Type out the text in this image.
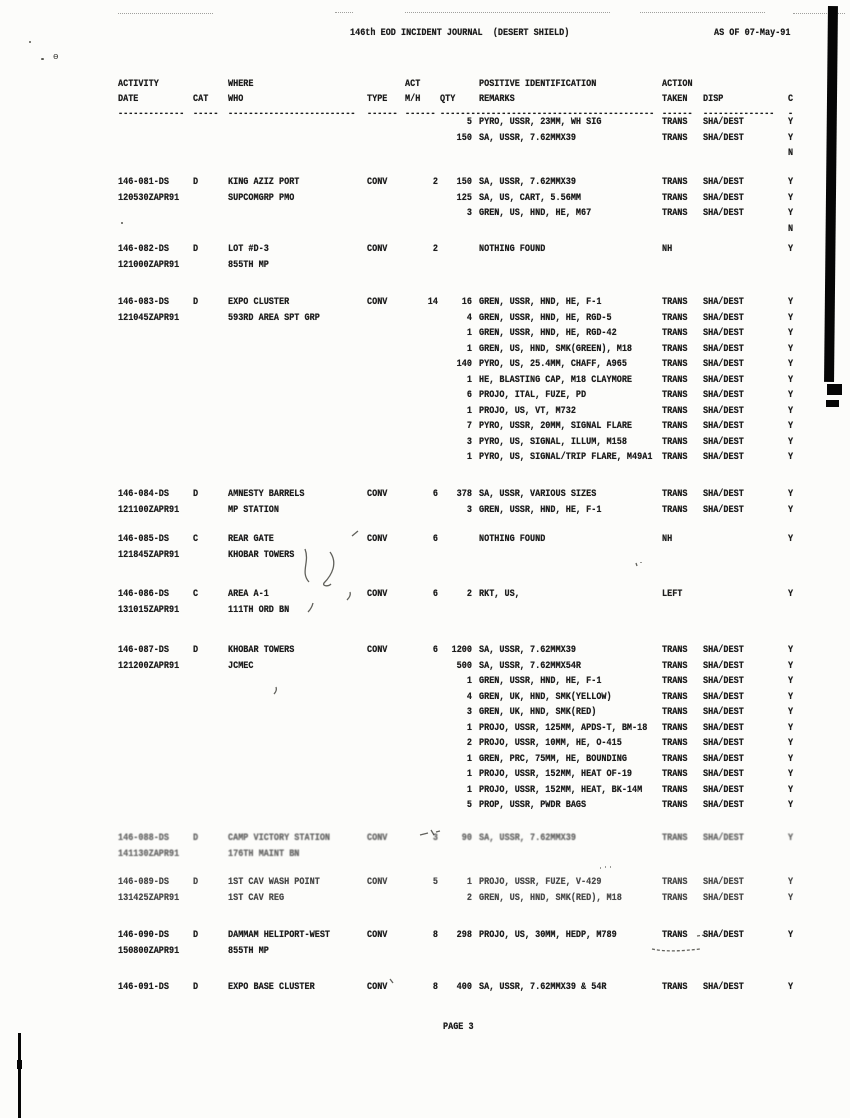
ө
146th EOD INCIDENT JOURNAL  (DESERT SHIELD)	AS OF 07-May-91
ACTIVITY	WHERE	ACT	POSITIVE IDENTIFICATION	ACTION
DATE	CAT WHO	TYPE M/H QTY REMARKS	TAKEN DISP	C
------------- ----- ------------------------- ------ ------ ------------------------------------------ ------ -------------- -
5 PYRO, USSR, 23MM, WH SIG	TRANS SHA/DEST	Y
150 SA, USSR, 7.62MMX39	TRANS SHA/DEST	Y
N
146-081-DS D	KING AZIZ PORT	CONV	2	150 SA, USSR, 7.62MMX39	TRANS SHA/DEST	Y
120530ZAPR91	SUPCOMGRP PMO	125 SA, US, CART, 5.56MM	TRANS SHA/DEST	Y
3 GREN, US, HND, HE, M67	TRANS SHA/DEST	Y
N
146-082-DS D	LOT #D-3	CONV	2	NOTHING FOUND	NH	Y
121000ZAPR91	855TH MP
146-083-DS D	EXPO CLUSTER	CONV	14	16 GREN, USSR, HND, HE, F-1	TRANS SHA/DEST	Y
121045ZAPR91	593RD AREA SPT GRP	4 GREN, USSR, HND, HE, RGD-5	TRANS SHA/DEST	Y
1 GREN, USSR, HND, HE, RGD-42	TRANS SHA/DEST	Y
1 GREN, US, HND, SMK(GREEN), M18	TRANS SHA/DEST	Y
140 PYRO, US, 25.4MM, CHAFF, A965	TRANS SHA/DEST	Y
1 HE, BLASTING CAP, M18 CLAYMORE	TRANS SHA/DEST	Y
6 PROJO, ITAL, FUZE, PD	TRANS SHA/DEST	Y
1 PROJO, US, VT, M732	TRANS SHA/DEST	Y
7 PYRO, USSR, 20MM, SIGNAL FLARE	TRANS SHA/DEST	Y
3 PYRO, US, SIGNAL, ILLUM, M158	TRANS SHA/DEST	Y
1 PYRO, US, SIGNAL/TRIP FLARE, M49A1 TRANS SHA/DEST	Y
146-084-DS D	AMNESTY BARRELS	CONV	6	378 SA, USSR, VARIOUS SIZES	TRANS SHA/DEST	Y
121100ZAPR91	MP STATION	3 GREN, USSR, HND, HE, F-1	TRANS SHA/DEST	Y
146-085-DS C	REAR GATE	CONV	6	NOTHING FOUND	NH	Y
121845ZAPR91	KHOBAR TOWERS
146-086-DS C	AREA A-1	CONV	6	2 RKT, US,	LEFT	Y
131015ZAPR91	111TH ORD BN
146-087-DS D	KHOBAR TOWERS	CONV	6	1200 SA, USSR, 7.62MMX39	TRANS SHA/DEST	Y
121200ZAPR91	JCMEC	500 SA, USSR, 7.62MMX54R	TRANS SHA/DEST	Y
1 GREN, USSR, HND, HE, F-1	TRANS SHA/DEST	Y
4 GREN, UK, HND, SMK(YELLOW)	TRANS SHA/DEST	Y
3 GREN, UK, HND, SMK(RED)	TRANS SHA/DEST	Y
1 PROJO, USSR, 125MM, APDS-T, BM-18 TRANS SHA/DEST	Y
2 PROJO, USSR, 10MM, HE, O-415	TRANS SHA/DEST	Y
1 GREN, PRC, 75MM, HE, BOUNDING	TRANS SHA/DEST	Y
1 PROJO, USSR, 152MM, HEAT OF-19	TRANS SHA/DEST	Y
1 PROJO, USSR, 152MM, HEAT, BK-14M TRANS SHA/DEST	Y
5 PROP, USSR, PWDR BAGS	TRANS SHA/DEST	Y
146-088-DS D	CAMP VICTORY STATION	CONV	3	90 SA, USSR, 7.62MMX39	TRANS SHA/DEST	Y
141130ZAPR91	176TH MAINT BN
146-089-DS D	1ST CAV WASH POINT	CONV	5	1 PROJO, USSR, FUZE, V-429	TRANS SHA/DEST	Y
131425ZAPR91	1ST CAV REG	2 GREN, US, HND, SMK(RED), M18	TRANS SHA/DEST	Y
146-090-DS D	DAMMAM HELIPORT-WEST	CONV	8	298 PROJO, US, 30MM, HEDP, M789	TRANS SHA/DEST	Y
150800ZAPR91	855TH MP
146-091-DS D	EXPO BASE CLUSTER	CONV	8	400 SA, USSR, 7.62MMX39 & 54R	TRANS SHA/DEST	Y
PAGE 3
